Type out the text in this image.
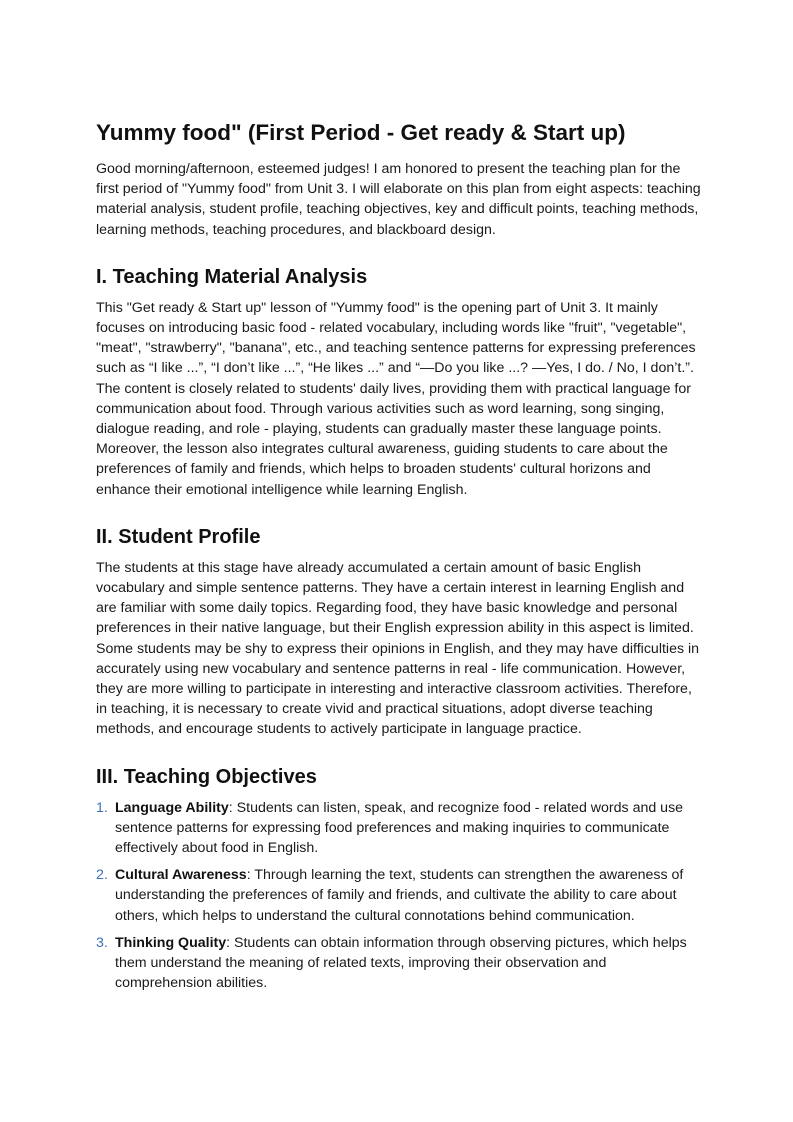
Yummy food" (First Period - Get ready & Start up)

Good morning/afternoon, esteemed judges! I am honored to present the teaching plan for the first period of "Yummy food" from Unit 3. I will elaborate on this plan from eight aspects: teaching material analysis, student profile, teaching objectives, key and difficult points, teaching methods, learning methods, teaching procedures, and blackboard design.

I. Teaching Material Analysis

This "Get ready & Start up" lesson of "Yummy food" is the opening part of Unit 3. It mainly focuses on introducing basic food - related vocabulary, including words like "fruit", "vegetable", "meat", "strawberry", "banana", etc., and teaching sentence patterns for expressing preferences such as “I like ...”, “I don’t like ...”, “He likes ...” and “—Do you like ...? —Yes, I do. / No, I don’t.”. The content is closely related to students' daily lives, providing them with practical language for communication about food. Through various activities such as word learning, song singing, dialogue reading, and role - playing, students can gradually master these language points. Moreover, the lesson also integrates cultural awareness, guiding students to care about the preferences of family and friends, which helps to broaden students' cultural horizons and enhance their emotional intelligence while learning English.

II. Student Profile

The students at this stage have already accumulated a certain amount of basic English vocabulary and simple sentence patterns. They have a certain interest in learning English and are familiar with some daily topics. Regarding food, they have basic knowledge and personal preferences in their native language, but their English expression ability in this aspect is limited. Some students may be shy to express their opinions in English, and they may have difficulties in accurately using new vocabulary and sentence patterns in real - life communication. However, they are more willing to participate in interesting and interactive classroom activities. Therefore, in teaching, it is necessary to create vivid and practical situations, adopt diverse teaching methods, and encourage students to actively participate in language practice.

III. Teaching Objectives
1. Language Ability: Students can listen, speak, and recognize food - related words and use sentence patterns for expressing food preferences and making inquiries to communicate effectively about food in English.
2. Cultural Awareness: Through learning the text, students can strengthen the awareness of understanding the preferences of family and friends, and cultivate the ability to care about others, which helps to understand the cultural connotations behind communication.
3. Thinking Quality: Students can obtain information through observing pictures, which helps them understand the meaning of related texts, improving their observation and comprehension abilities.
